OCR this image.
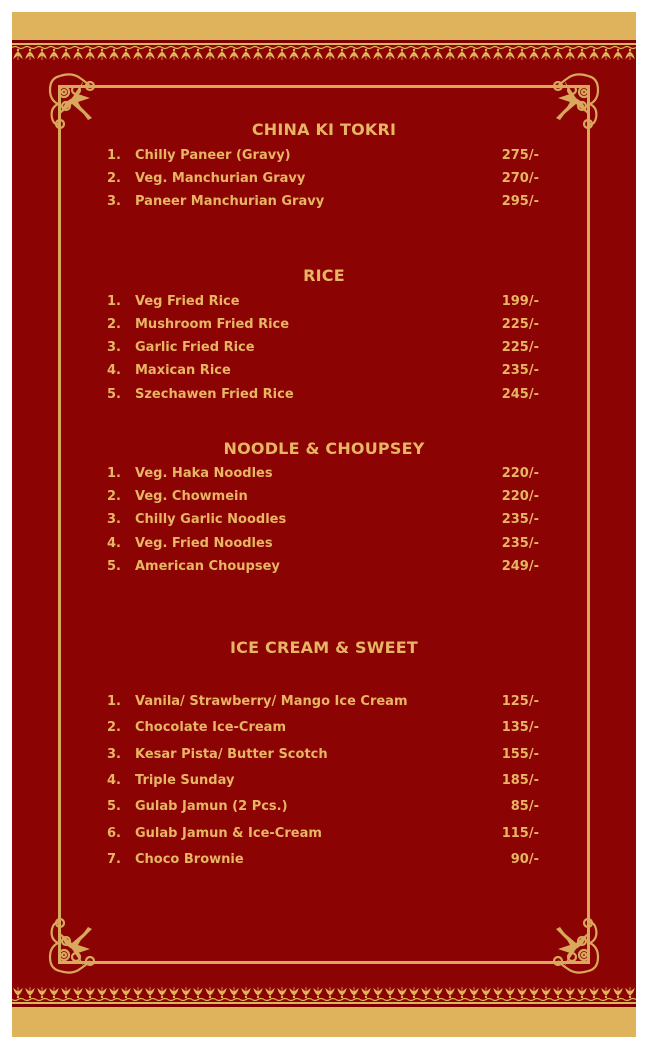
CHINA KI TOKRI
1. Chilly Paneer (Gravy)	275/-
2. Veg. Manchurian Gravy	270/-
3. Paneer Manchurian Gravy	295/-
RICE
1. Veg Fried Rice	199/-
2. Mushroom Fried Rice	225/-
3. Garlic Fried Rice	225/-
4. Maxican Rice	235/-
5. Szechawen Fried Rice	245/-
NOODLE & CHOUPSEY
1. Veg. Haka Noodles	220/-
2. Veg. Chowmein	220/-
3. Chilly Garlic Noodles	235/-
4. Veg. Fried Noodles	235/-
5. American Choupsey	249/-
ICE CREAM & SWEET
1. Vanila/ Strawberry/ Mango Ice Cream	125/-
2. Chocolate Ice-Cream	135/-
3. Kesar Pista/ Butter Scotch	155/-
4. Triple Sunday	185/-
5. Gulab Jamun (2 Pcs.)	85/-
6. Gulab Jamun & Ice-Cream	115/-
7. Choco Brownie	90/-
